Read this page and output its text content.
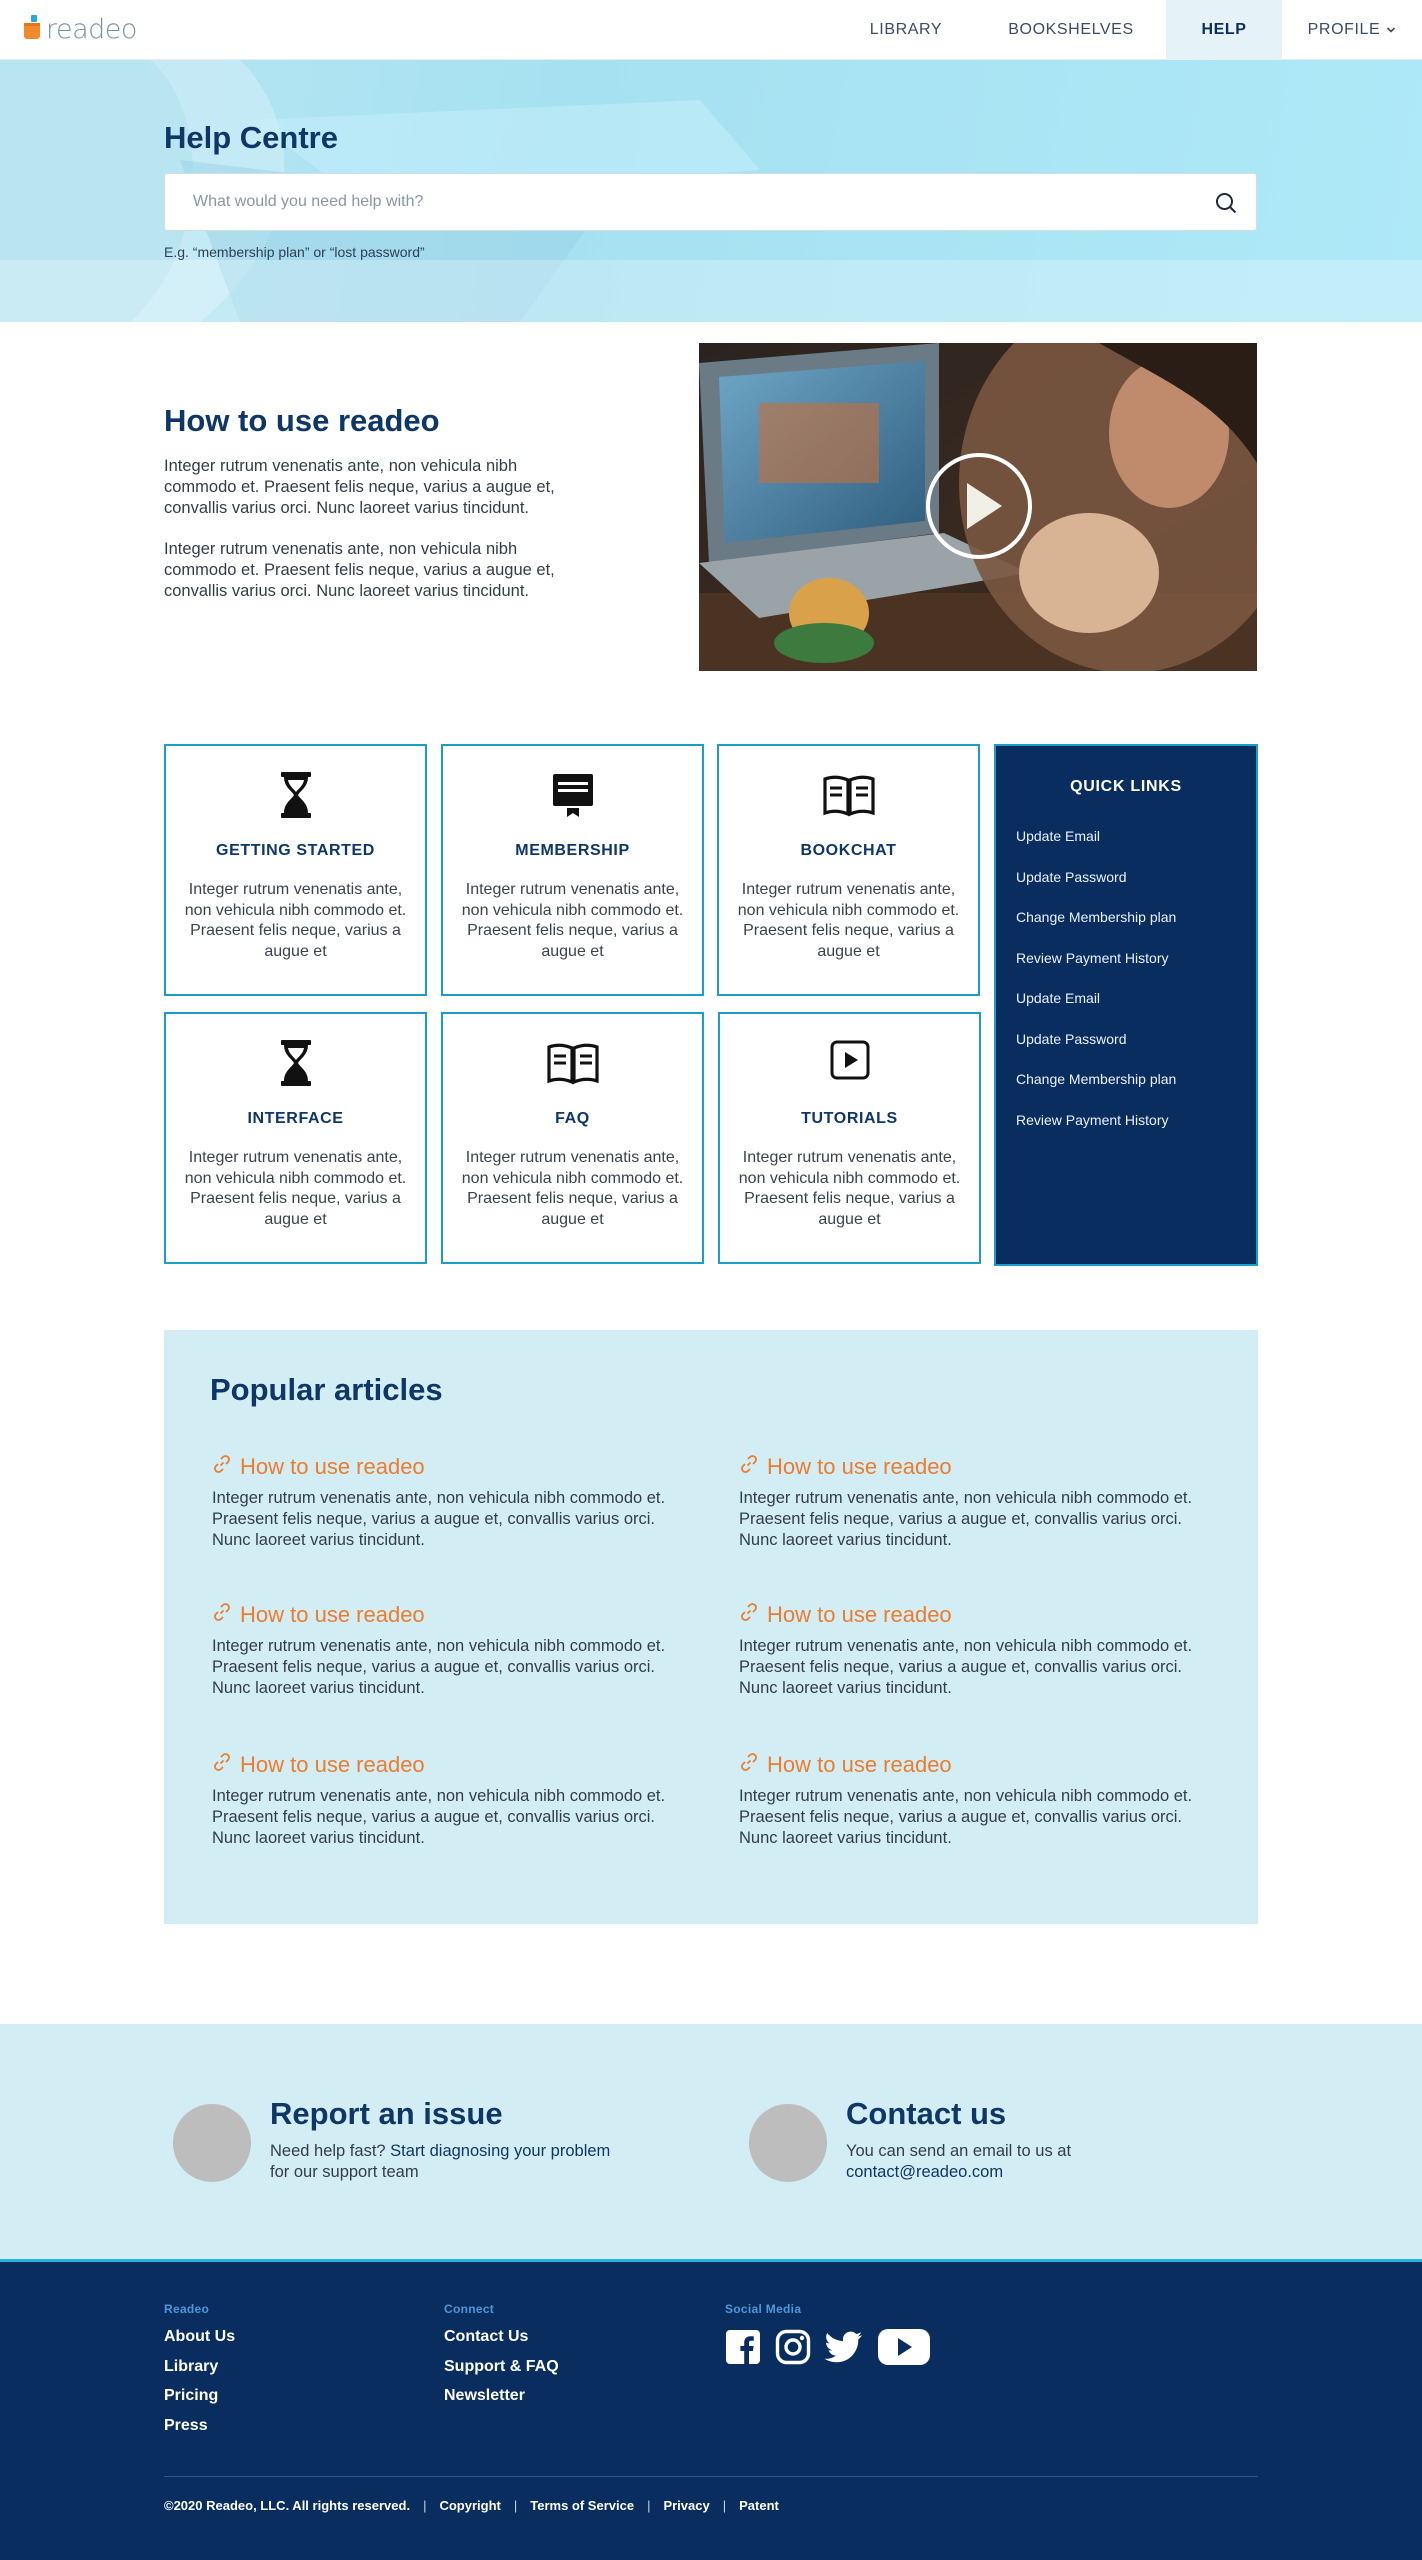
readeo	LIBRARY	BOOKSHELVES	HELP	PROFILE
Help Centre
What would you need help with?

E.g. “membership plan” or “lost password”

How to use readeo

Integer rutrum venenatis ante, non vehicula nibh commodo et. Praesent felis neque, varius a augue et, convallis varius orci. Nunc laoreet varius tincidunt.

Integer rutrum venenatis ante, non vehicula nibh commodo et. Praesent felis neque, varius a augue et, convallis varius orci. Nunc laoreet varius tincidunt.

GETTING STARTED
Integer rutrum venenatis ante, non vehicula nibh commodo et. Praesent felis neque, varius a augue et
MEMBERSHIP
Integer rutrum venenatis ante, non vehicula nibh commodo et. Praesent felis neque, varius a augue et
BOOKCHAT
Integer rutrum venenatis ante, non vehicula nibh commodo et. Praesent felis neque, varius a augue et
INTERFACE
Integer rutrum venenatis ante, non vehicula nibh commodo et. Praesent felis neque, varius a augue et
FAQ
Integer rutrum venenatis ante, non vehicula nibh commodo et. Praesent felis neque, varius a augue et
TUTORIALS
Integer rutrum venenatis ante, non vehicula nibh commodo et. Praesent felis neque, varius a augue et
QUICK LINKS
Update Email
Update Password
Change Membership plan
Review Payment History
Update Email
Update Password
Change Membership plan
Review Payment History
Popular articles
How to use readeo

Integer rutrum venenatis ante, non vehicula nibh commodo et. Praesent felis neque, varius a augue et, convallis varius orci. Nunc laoreet varius tincidunt.

How to use readeo

Integer rutrum venenatis ante, non vehicula nibh commodo et. Praesent felis neque, varius a augue et, convallis varius orci. Nunc laoreet varius tincidunt.

How to use readeo

Integer rutrum venenatis ante, non vehicula nibh commodo et. Praesent felis neque, varius a augue et, convallis varius orci. Nunc laoreet varius tincidunt.

How to use readeo

Integer rutrum venenatis ante, non vehicula nibh commodo et. Praesent felis neque, varius a augue et, convallis varius orci. Nunc laoreet varius tincidunt.

How to use readeo

Integer rutrum venenatis ante, non vehicula nibh commodo et. Praesent felis neque, varius a augue et, convallis varius orci. Nunc laoreet varius tincidunt.

How to use readeo

Integer rutrum venenatis ante, non vehicula nibh commodo et. Praesent felis neque, varius a augue et, convallis varius orci. Nunc laoreet varius tincidunt.

Report an issue

Need help fast? Start diagnosing your problem
for our support team

Contact us

You can send an email to us at
contact@readeo.com

Readeo
About Us
Library
Pricing
Press
Connect
Contact Us
Support & FAQ
Newsletter
Social Media
©2020 Readeo, LLC. All rights reserved. | Copyright | Terms of Service | Privacy | Patent
